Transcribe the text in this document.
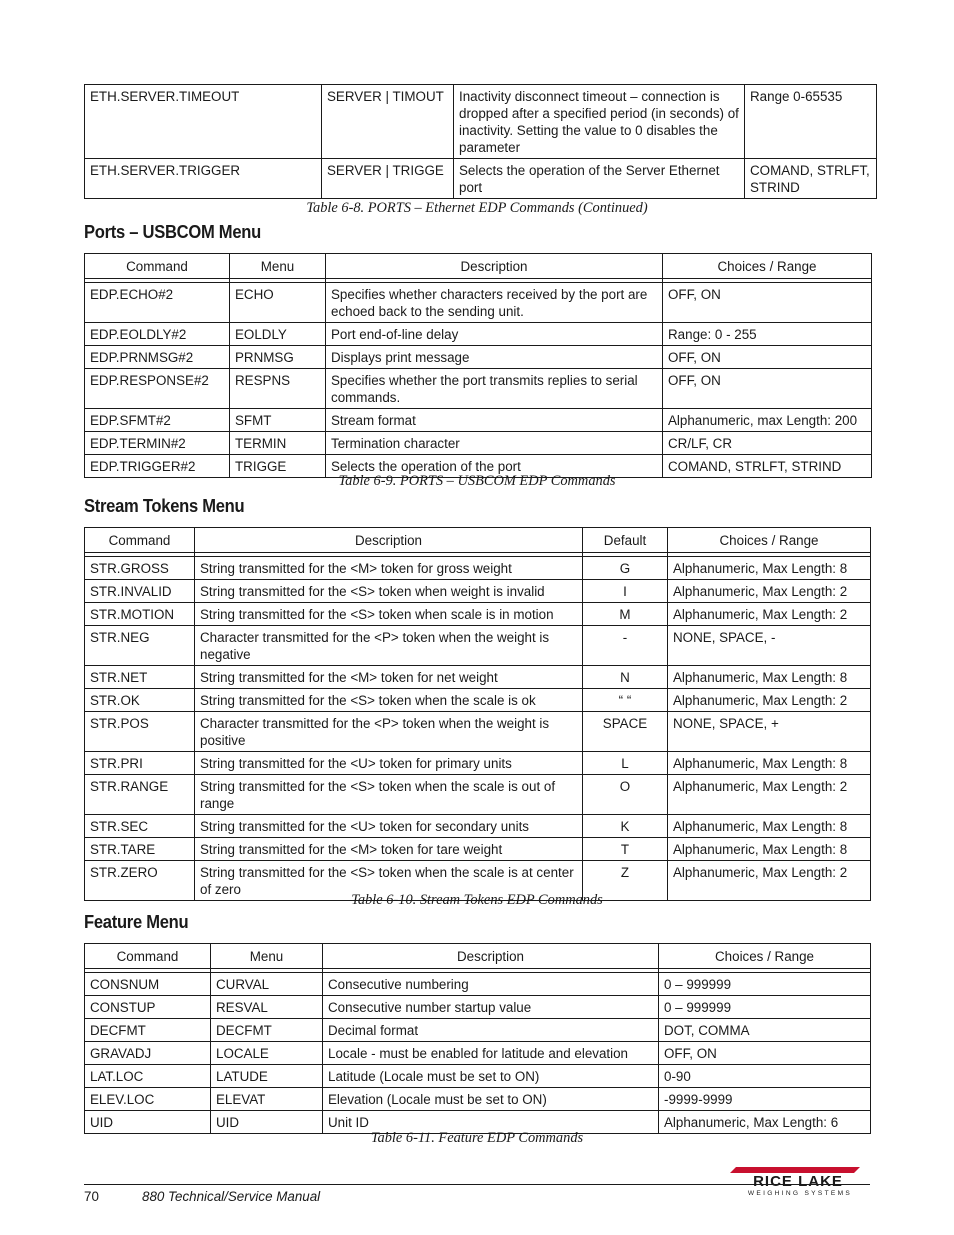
ETH.SERVER.TIMEOUT	SERVER | TIMOUT	Inactivity disconnect timeout – connection is dropped after a specified period (in seconds) of inactivity. Setting the value to 0 disables the parameter	Range 0-65535
ETH.SERVER.TRIGGER	SERVER | TRIGGE	Selects the operation of the Server Ethernet port	COMAND, STRLFT, STRIND
Table 6-8. PORTS – Ethernet EDP Commands (Continued)
Ports – USBCOM Menu
Command	Menu	Description	Choices / Range

EDP.ECHO#2	ECHO	Specifies whether characters received by the port are echoed back to the sending unit.	OFF, ON
EDP.EOLDLY#2	EOLDLY	Port end-of-line delay	Range: 0 - 255
EDP.PRNMSG#2	PRNMSG	Displays print message	OFF, ON
EDP.RESPONSE#2	RESPNS	Specifies whether the port transmits replies to serial commands.	OFF, ON
EDP.SFMT#2	SFMT	Stream format	Alphanumeric, max Length: 200
EDP.TERMIN#2	TERMIN	Termination character	CR/LF, CR
EDP.TRIGGER#2	TRIGGE	Selects the operation of the port	COMAND, STRLFT, STRIND
Table 6-9. PORTS – USBCOM EDP Commands
Stream Tokens Menu
Command	Description	Default	Choices / Range

STR.GROSS	String transmitted for the <M> token for gross weight	G	Alphanumeric, Max Length: 8
STR.INVALID	String transmitted for the <S> token when weight is invalid	I	Alphanumeric, Max Length: 2
STR.MOTION	String transmitted for the <S> token when scale is in motion	M	Alphanumeric, Max Length: 2
STR.NEG	Character transmitted for the <P> token when the weight is negative	-	NONE, SPACE, -
STR.NET	String transmitted for the <M> token for net weight	N	Alphanumeric, Max Length: 8
STR.OK	String transmitted for the <S> token when the scale is ok	“ “	Alphanumeric, Max Length: 2
STR.POS	Character transmitted for the <P> token when the weight is positive	SPACE	NONE, SPACE, +
STR.PRI	String transmitted for the <U> token for primary units	L	Alphanumeric, Max Length: 8
STR.RANGE	String transmitted for the <S> token when the scale is out of range	O	Alphanumeric, Max Length: 2
STR.SEC	String transmitted for the <U> token for secondary units	K	Alphanumeric, Max Length: 8
STR.TARE	String transmitted for the <M> token for tare weight	T	Alphanumeric, Max Length: 8
STR.ZERO	String transmitted for the <S> token when the scale is at center of zero	Z	Alphanumeric, Max Length: 2
Table 6-10. Stream Tokens EDP Commands
Feature Menu
Command	Menu	Description	Choices / Range

CONSNUM	CURVAL	Consecutive numbering	0 – 999999
CONSTUP	RESVAL	Consecutive number startup value	0 – 999999
DECFMT	DECFMT	Decimal format	DOT, COMMA
GRAVADJ	LOCALE	Locale - must be enabled for latitude and elevation	OFF, ON
LAT.LOC	LATUDE	Latitude (Locale must be set to ON)	0-90
ELEV.LOC	ELEVAT	Elevation (Locale must be set to ON)	-9999-9999
UID	UID	Unit ID	Alphanumeric, Max Length: 6
Table 6-11. Feature EDP Commands
70	880 Technical/Service Manual
RICE LAKE
WEIGHING SYSTEMS
